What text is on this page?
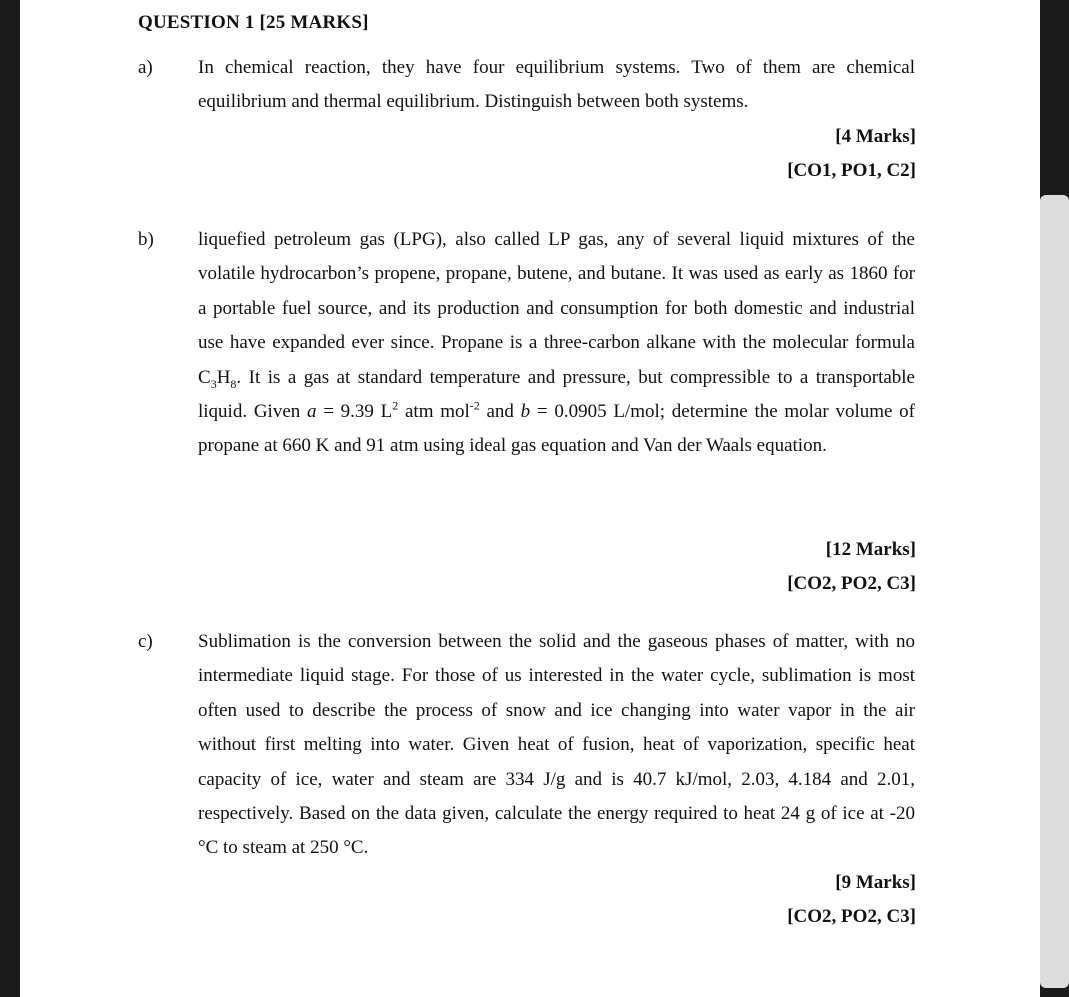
QUESTION 1 [25 MARKS]
a) In chemical reaction, they have four equilibrium systems. Two of them are chemical equilibrium and thermal equilibrium. Distinguish between both systems.
[4 Marks]
[CO1, PO1, C2]
b) liquefied petroleum gas (LPG), also called LP gas, any of several liquid mixtures of the volatile hydrocarbon’s propene, propane, butene, and butane. It was used as early as 1860 for a portable fuel source, and its production and consumption for both domestic and industrial use have expanded ever since. Propane is a three-carbon alkane with the molecular formula $C_3H_8$. It is a gas at standard temperature and pressure, but compressible to a transportable liquid. Given a = 9.39 $L^2$ atm mol$^{-2}$ and b = 0.0905 L/mol; determine the molar volume of propane at 660 K and 91 atm using ideal gas equation and Van der Waals equation.
[12 Marks]
[CO2, PO2, C3]
c) Sublimation is the conversion between the solid and the gaseous phases of matter, with no intermediate liquid stage. For those of us interested in the water cycle, sublimation is most often used to describe the process of snow and ice changing into water vapor in the air without first melting into water. Given heat of fusion, heat of vaporization, specific heat capacity of ice, water and steam are 334 J/g and is 40.7 kJ/mol, 2.03, 4.184 and 2.01, respectively. Based on the data given, calculate the energy required to heat 24 g of ice at -20 °C to steam at 250 °C.
[9 Marks]
[CO2, PO2, C3]
